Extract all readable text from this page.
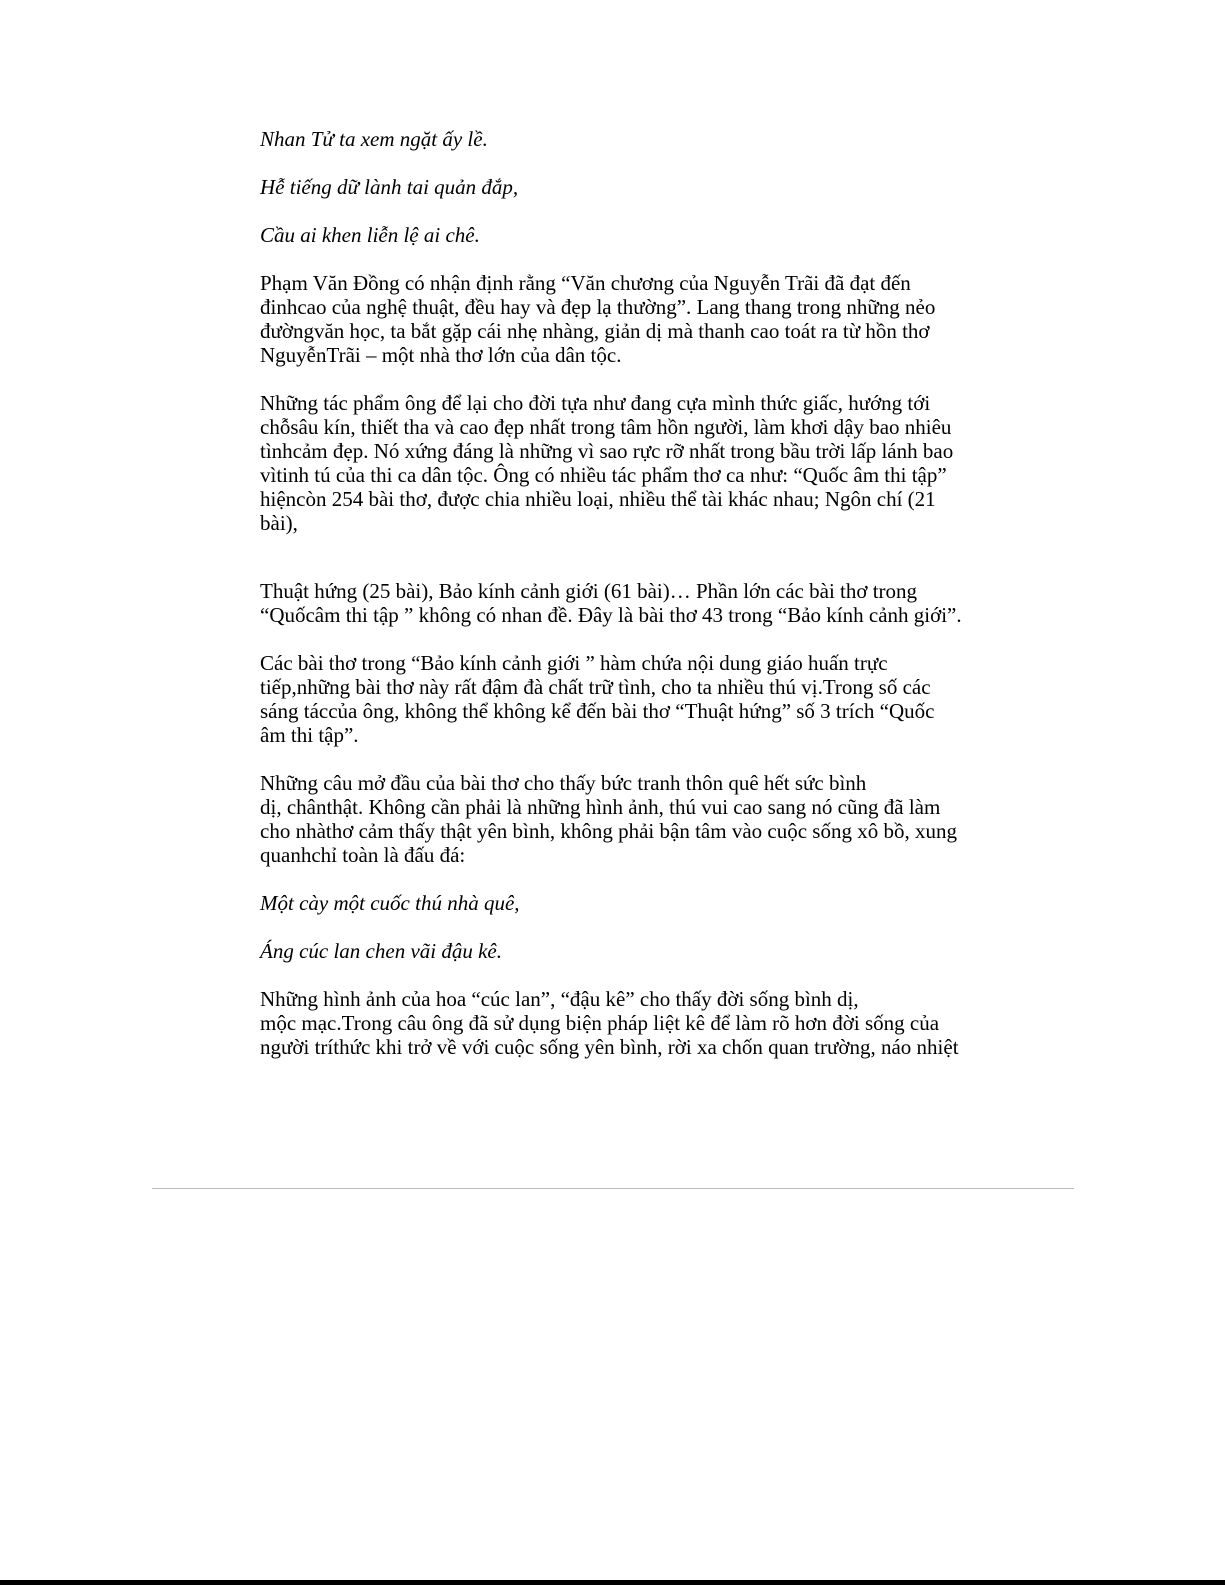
Nhan Tử ta xem ngặt ấy lề.

Hễ tiếng dữ lành tai quản đắp,

Cầu ai khen liễn lệ ai chê.

Phạm Văn Đồng có nhận định rằng “Văn chương của Nguyễn Trãi đã đạt đến

đinhcao của nghệ thuật, đều hay và đẹp lạ thường”. Lang thang trong những nẻo

đườngvăn học, ta bắt gặp cái nhẹ nhàng, giản dị mà thanh cao toát ra từ hồn thơ

NguyễnTrãi – một nhà thơ lớn của dân tộc.

Những tác phẩm ông để lại cho đời tựa như đang cựa mình thức giấc, hướng tới

chỗsâu kín, thiết tha và cao đẹp nhất trong tâm hồn người, làm khơi dậy bao nhiêu

tìnhcảm đẹp. Nó xứng đáng là những vì sao rực rỡ nhất trong bầu trời lấp lánh bao

vìtinh tú của thi ca dân tộc. Ông có nhiều tác phẩm thơ ca như: “Quốc âm thi tập”

hiệncòn 254 bài thơ, được chia nhiều loại, nhiều thể tài khác nhau; Ngôn chí (21

bài),

Thuật hứng (25 bài), Bảo kính cảnh giới (61 bài)… Phần lớn các bài thơ trong

“Quốcâm thi tập ” không có nhan đề. Đây là bài thơ 43 trong “Bảo kính cảnh giới”.

Các bài thơ trong “Bảo kính cảnh giới ” hàm chứa nội dung giáo huấn trực

tiếp,những bài thơ này rất đậm đà chất trữ tình, cho ta nhiều thú vị.Trong số các

sáng táccủa ông, không thể không kể đến bài thơ “Thuật hứng” số 3 trích “Quốc

âm thi tập”.

Những câu mở đầu của bài thơ cho thấy bức tranh thôn quê hết sức bình

dị, chânthật. Không cần phải là những hình ảnh, thú vui cao sang nó cũng đã làm

cho nhàthơ cảm thấy thật yên bình, không phải bận tâm vào cuộc sống xô bồ, xung

quanhchỉ toàn là đấu đá:

Một cày một cuốc thú nhà quê,

Áng cúc lan chen vãi đậu kê.

Những hình ảnh của hoa “cúc lan”, “đậu kê” cho thấy đời sống bình dị,

mộc mạc.Trong câu ông đã sử dụng biện pháp liệt kê để làm rõ hơn đời sống của

người tríthức khi trở về với cuộc sống yên bình, rời xa chốn quan trường, náo nhiệt
